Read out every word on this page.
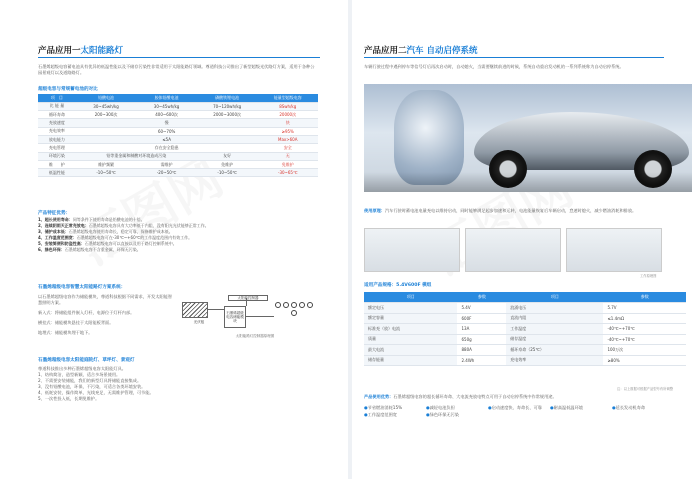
产品应用一太阳能路灯
石墨烯超级电容蓄电池具有优异的低温性能以及不储存污染性非常适用于太阳能路灯领域。尊道科技公司推出了新型超级光伏路灯方案，适用于各种公园景观灯以及道路路灯。
超级电容与常规蓄电池的对比
项　目	铅酸电池	胶体铅酸电池	磷酸铁锂电池	能量型超级电容
比 能 量	30~45wh/kg	30~45wh/kg	70~120wh/kg	8Swh/kg
循环寿命	200~300次	400~600次	2000~3000次	20000次
充放速度	慢			快
充电效率	60~70%			≥95%
放电能力	≤5A			Max>60A
充电管理	存在安全隐患			安全
环境污染	铅等重金属和制酸对环境造成污染		友好	无
维　　护	维护频繁	需维护	免维护	免维护
低温性能	-10~50℃	-20~50℃	-10~50℃	-30~65℃
产品特征优势：
1、超长使用寿命：同等条件下使用寿命是铅酸电池的十倍。
2、连续阴雨天正常充放电：石墨烯超级电容具有大功率低于内阻，没有阳光光伏能够正常工作。
3、储护成本低：石墨烯超级电容使用寿命长，稳定可靠，保修维护成本低。
4、工作温度范围宽：石墨烯超级电容可在-30℃~+60℃的工作温度范围内有效工作。
5、安装简便和防盗性高：石墨烯超级电容可以直接以及用于路灯控制系统中。
6、绿色环保：石墨烯超级电容不含重金属，环保无污染。
石墨烯超级电容智慧太阳能路灯方案系统：
以石墨烯超级电容作为储能模块，尊道科技根据不同需求，开发太阳能智慧照明方案。
新入式：将储能组件嵌入灯杆，电源位于灯杆内部。
横挂式：储能模块悬挂于太阳能板背面。
地埋式：储能模块埋于地下。
光伏板
太阳能控制器
石墨烯超级电容储能模块
太阳能路灯控制器原理图
石墨烯超级电容太阳能庭院灯、草坪灯、景观灯
尊道科技推出多种石墨烯超级电容太阳能灯具。
1、结构简洁，造型新颖，适合多场景使用。
2、不需要安装储能，我们的新型灯具将储能直接集成。
3、没有铅酸电池，环保，不污染，可适合各类环境安装。
4、低耗安装，操作简单，光线充足，无需维护管理，可节能。
5、一次性投入低，长期免维护。
产品应用二汽车 自动启停系统
车辆行驶过程中遇到停车等信号灯后再次启动时，自动熄火，当需要继续前进的时候，系统自动重启发动机的一系列系统称为自动启停系统。
使用原理：汽车行驶时蓄电池电量充电以维持启动，同时能够满足起步加速和运转，电池能量恢复后车辆启动，怠速时熄火，减少燃油消耗和排放。
工作原理图
适用产品规格：5.4V600F 模组
项目	参数	项目	参数
额定电压	5.4V	浪涌电压	5.7V
额定容量	600F	直流内阻	≤1.4mΩ
标准充（放）电流	13A	工作温度	-40℃~+70℃
质量	650g	储存温度	-40℃~+70℃
最大电流	880A	循环寿命（25℃）	100万次
储存能量	2.4Wh	充电效率	≥80%
注：以上数据可根据产品型号有所调整
产品使用优势：石墨烯超级电容的超长循环寿命、大电流充放电特点可用于自动启停系统中作常规用途。
●节省燃油消耗15%	●减轻电池负担	●启动速度快、寿命长、可靠 ●耐高温低温环境	●延长发动机寿命●工作温度范围宽	●绿色环保无污染
